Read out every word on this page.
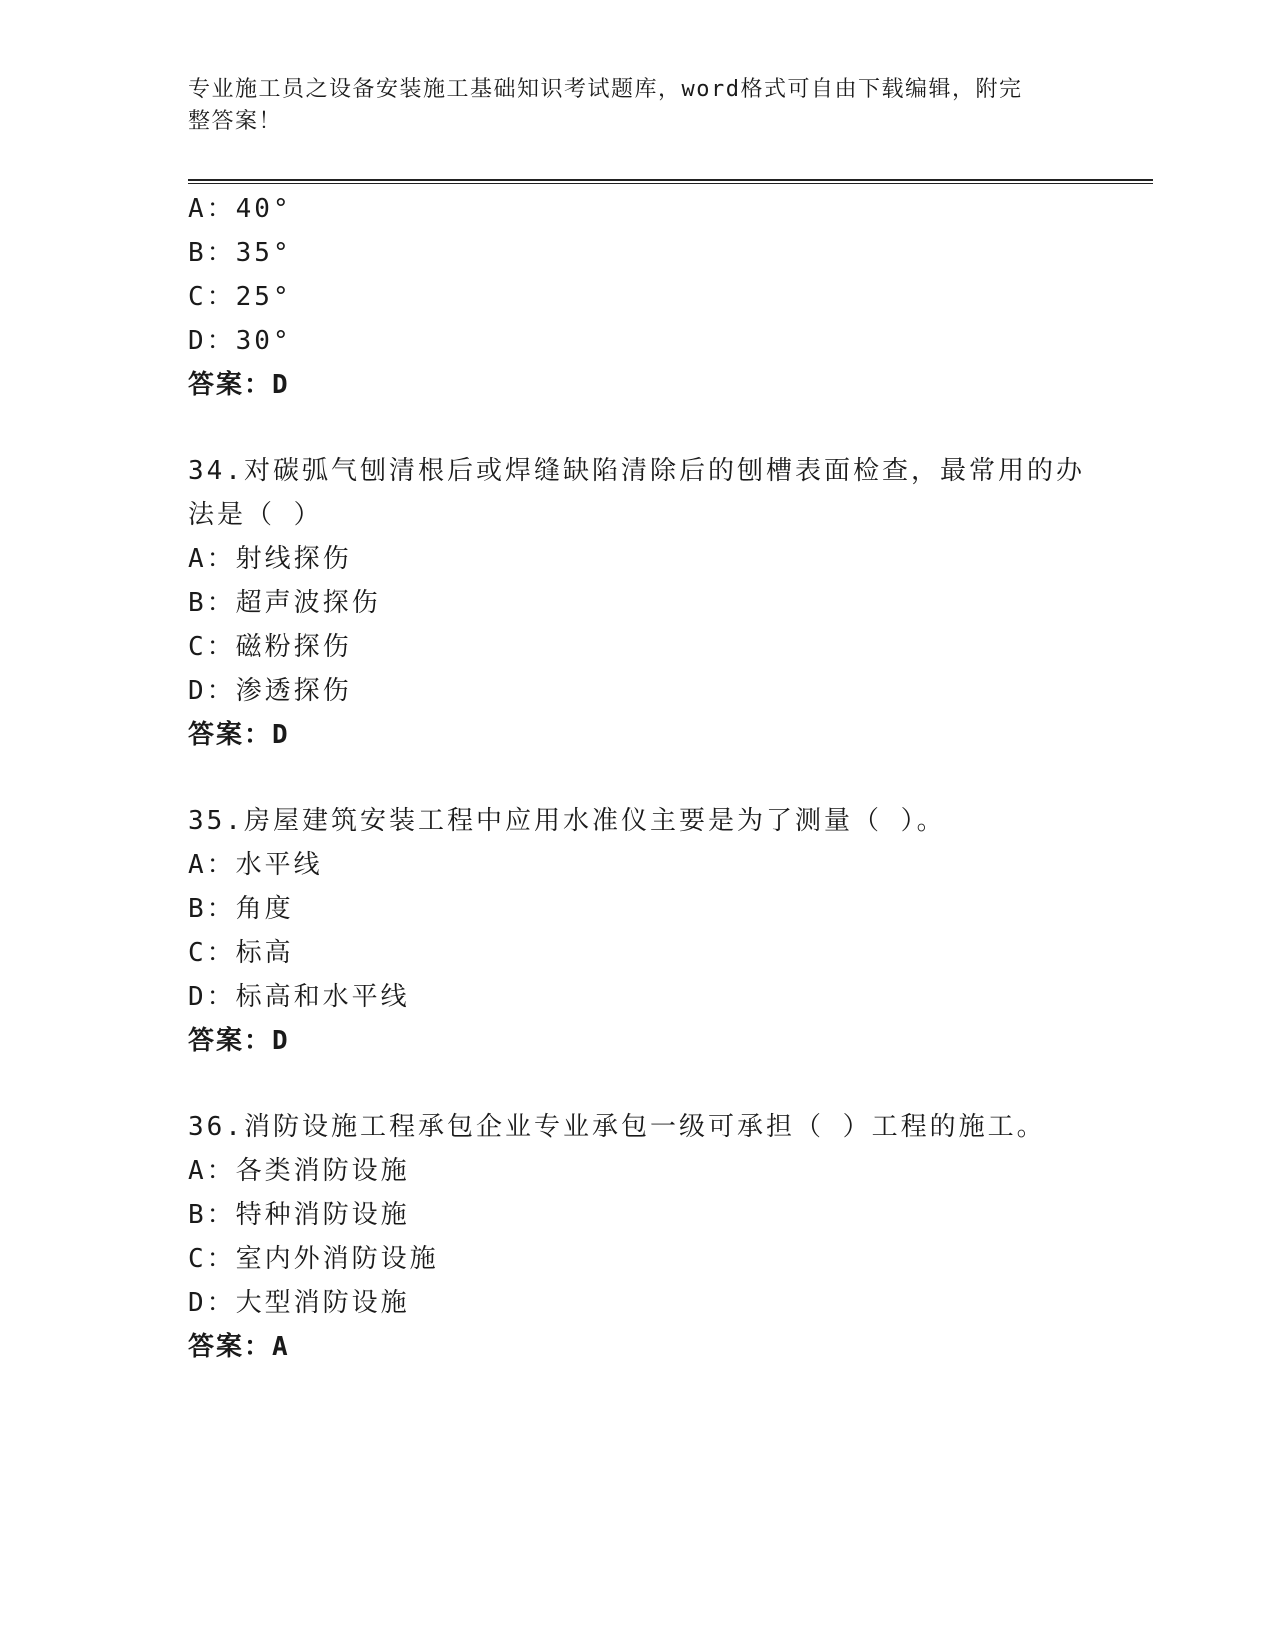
专业施工员之设备安装施工基础知识考试题库，word格式可自由下载编辑，附完
整答案！
A：40°
B：35°
C：25°
D：30°
答案：D
34.对碳弧气刨清根后或焊缝缺陷清除后的刨槽表面检查，最常用的办
法是（ ）
A：射线探伤
B：超声波探伤
C：磁粉探伤
D：渗透探伤
答案：D
35.房屋建筑安装工程中应用水准仪主要是为了测量（ ）。
A：水平线
B：角度
C：标高
D：标高和水平线
答案：D
36.消防设施工程承包企业专业承包一级可承担（ ）工程的施工。
A：各类消防设施
B：特种消防设施
C：室内外消防设施
D：大型消防设施
答案：A
